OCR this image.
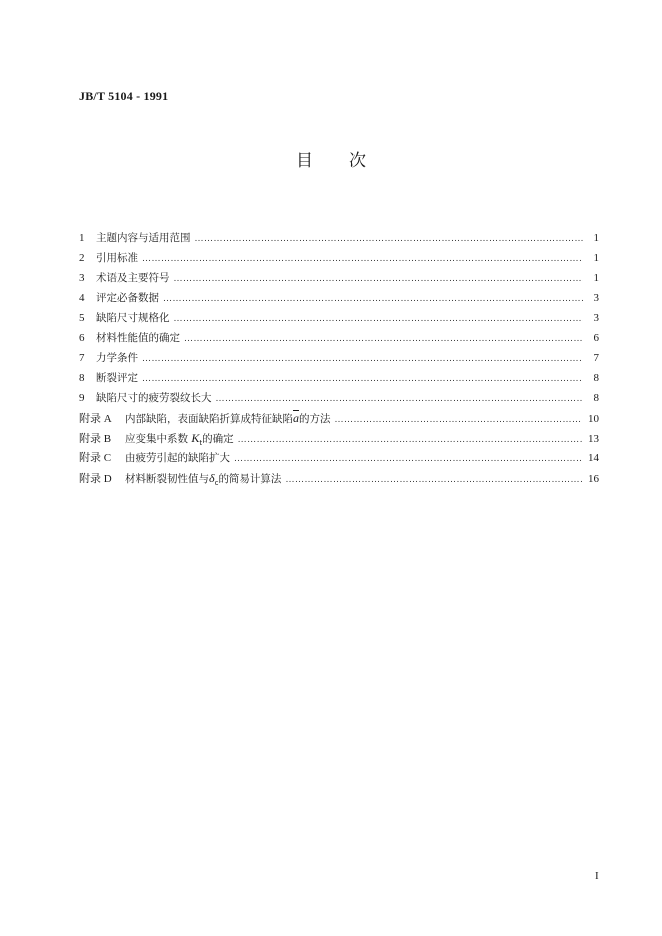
JB/T 5104 - 1991
目 次
1	主题内容与适用范围 ………………………………………………………………………………………………………………………………………………………………………………………………	1
2	引用标准 ………………………………………………………………………………………………………………………………………………………………………………………………	1
3	术语及主要符号 ………………………………………………………………………………………………………………………………………………………………………………………………	1
4	评定必备数据 ………………………………………………………………………………………………………………………………………………………………………………………………	3
5	缺陷尺寸规格化 ………………………………………………………………………………………………………………………………………………………………………………………………	3
6	材料性能值的确定 ………………………………………………………………………………………………………………………………………………………………………………………………	6
7	力学条件 ………………………………………………………………………………………………………………………………………………………………………………………………	7
8	断裂评定 ………………………………………………………………………………………………………………………………………………………………………………………………	8
9	缺陷尺寸的疲劳裂纹长大 ………………………………………………………………………………………………………………………………………………………………………………………………	8
附录 A	内部缺陷，表面缺陷折算成特征缺陷$\overline{a}$的方法 ………………………………………………………………………………………………………………………………………………………………………………………………	10
附录 B	应变集中系数 $K_t$的确定 ………………………………………………………………………………………………………………………………………………………………………………………………	13
附录 C	由疲劳引起的缺陷扩大 ………………………………………………………………………………………………………………………………………………………………………………………………	14
附录 D	材料断裂韧性值与$\delta_c$的简易计算法 ………………………………………………………………………………………………………………………………………………………………………………………………	16
I
